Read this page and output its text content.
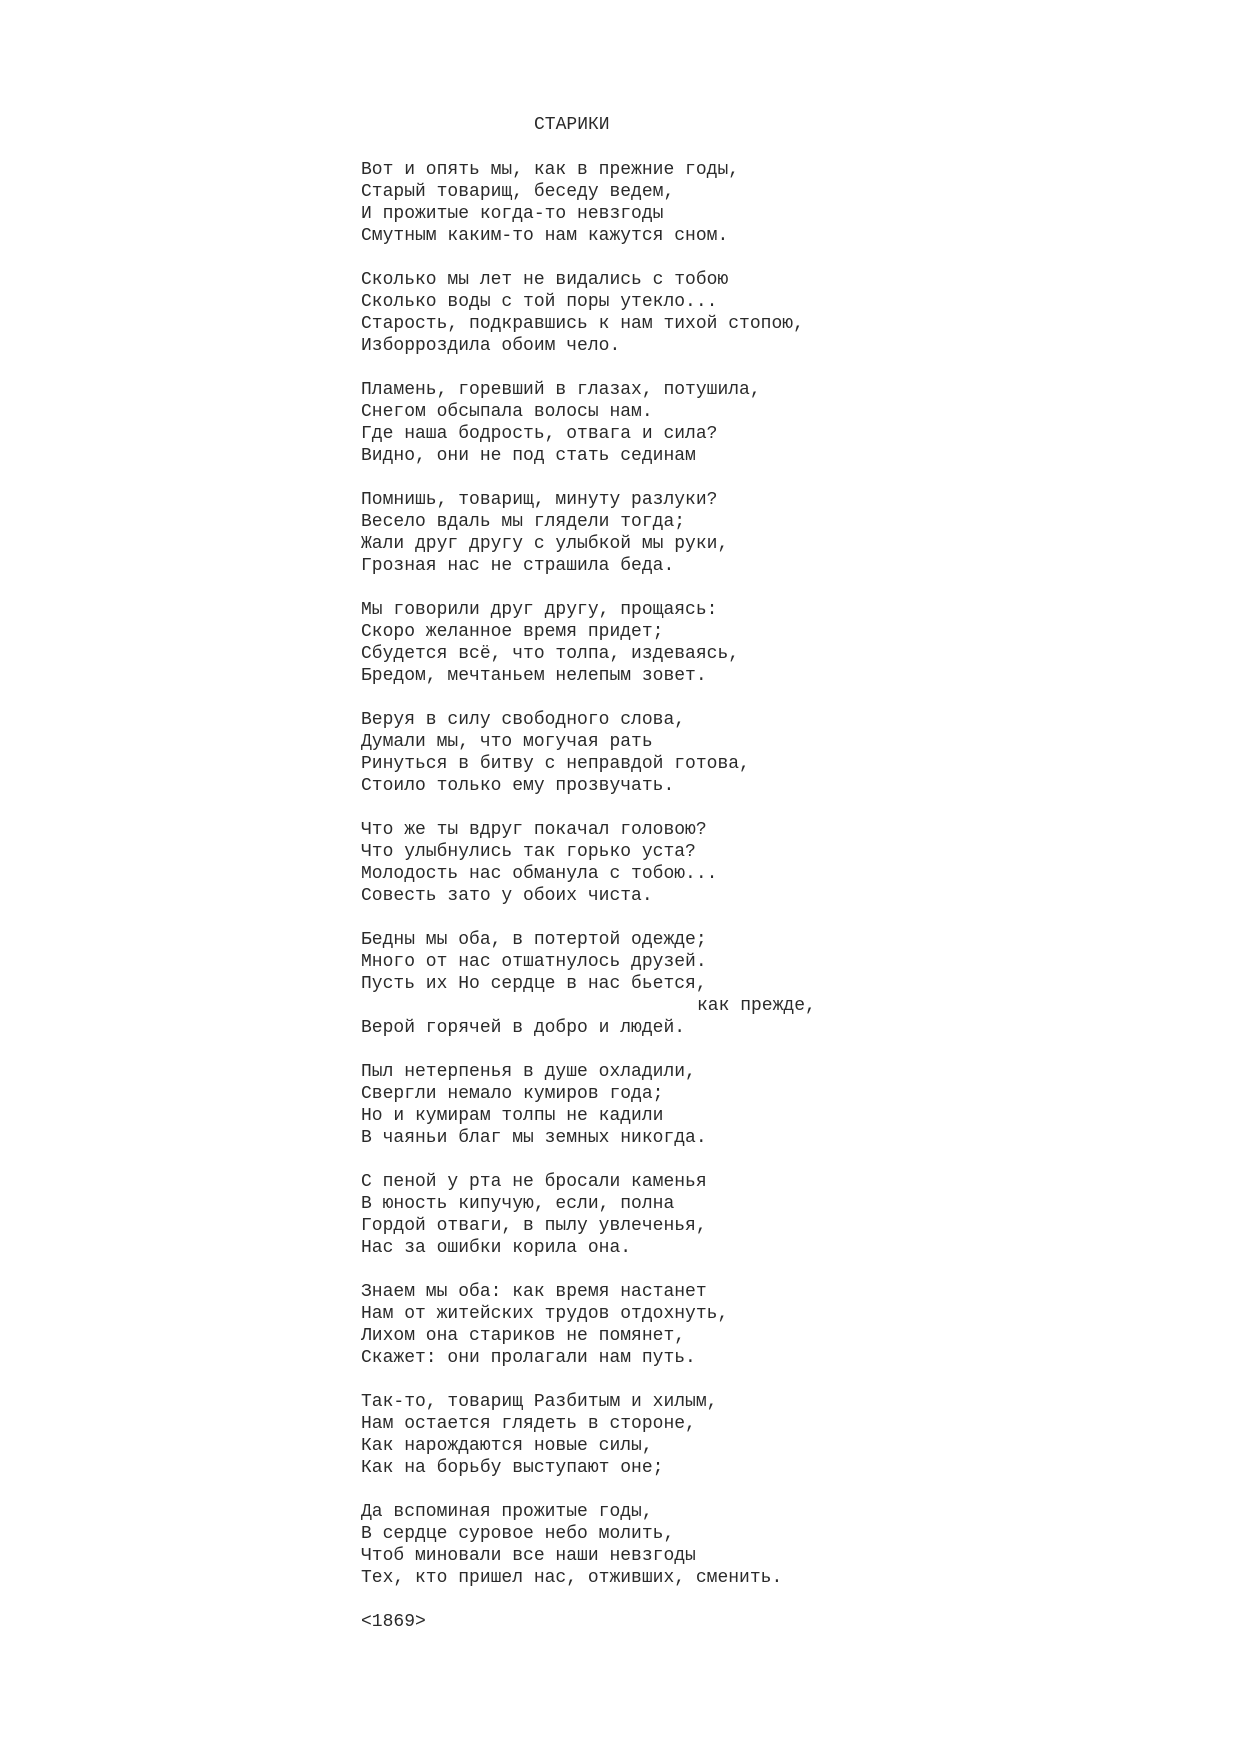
СТАРИКИ

Вот и опять мы, как в прежние годы,
Старый товарищ, беседу ведем,
И прожитые когда-то невзгоды
Смутным каким-то нам кажутся сном.

Сколько мы лет не видались с тобою
Сколько воды с той поры утекло...
Старость, подкравшись к нам тихой стопою,
Изборроздила обоим чело.

Пламень, горевший в глазах, потушила,
Снегом обсыпала волосы нам.
Где наша бодрость, отвага и сила?
Видно, они не под стать сединам

Помнишь, товарищ, минуту разлуки?
Весело вдаль мы глядели тогда;
Жали друг другу с улыбкой мы руки,
Грозная нас не страшила беда.

Мы говорили друг другу, прощаясь:
Скоро желанное время придет;
Сбудется всё, что толпа, издеваясь,
Бредом, мечтаньем нелепым зовет.

Веруя в силу свободного слова,
Думали мы, что могучая рать
Ринуться в битву с неправдой готова,
Стоило только ему прозвучать.

Что же ты вдруг покачал головою?
Что улыбнулись так горько уста?
Молодость нас обманула с тобою...
Совесть зато у обоих чиста.

Бедны мы оба, в потертой одежде;
Много от нас отшатнулось друзей.
Пусть их Но сердце в нас бьется,
как прежде,
Верой горячей в добро и людей.

Пыл нетерпенья в душе охладили,
Свергли немало кумиров года;
Но и кумирам толпы не кадили
В чаяньи благ мы земных никогда.

С пеной у рта не бросали каменья
В юность кипучую, если, полна
Гордой отваги, в пылу увлеченья,
Нас за ошибки корила она.

Знаем мы оба: как время настанет
Нам от житейских трудов отдохнуть,
Лихом она стариков не помянет,
Скажет: они пролагали нам путь.

Так-то, товарищ Разбитым и хилым,
Нам остается глядеть в стороне,
Как нарождаются новые силы,
Как на борьбу выступают оне;

Да вспоминая прожитые годы,
В сердце суровое небо молить,
Чтоб миновали все наши невзгоды
Тех, кто пришел нас, отживших, сменить.

<1869>
